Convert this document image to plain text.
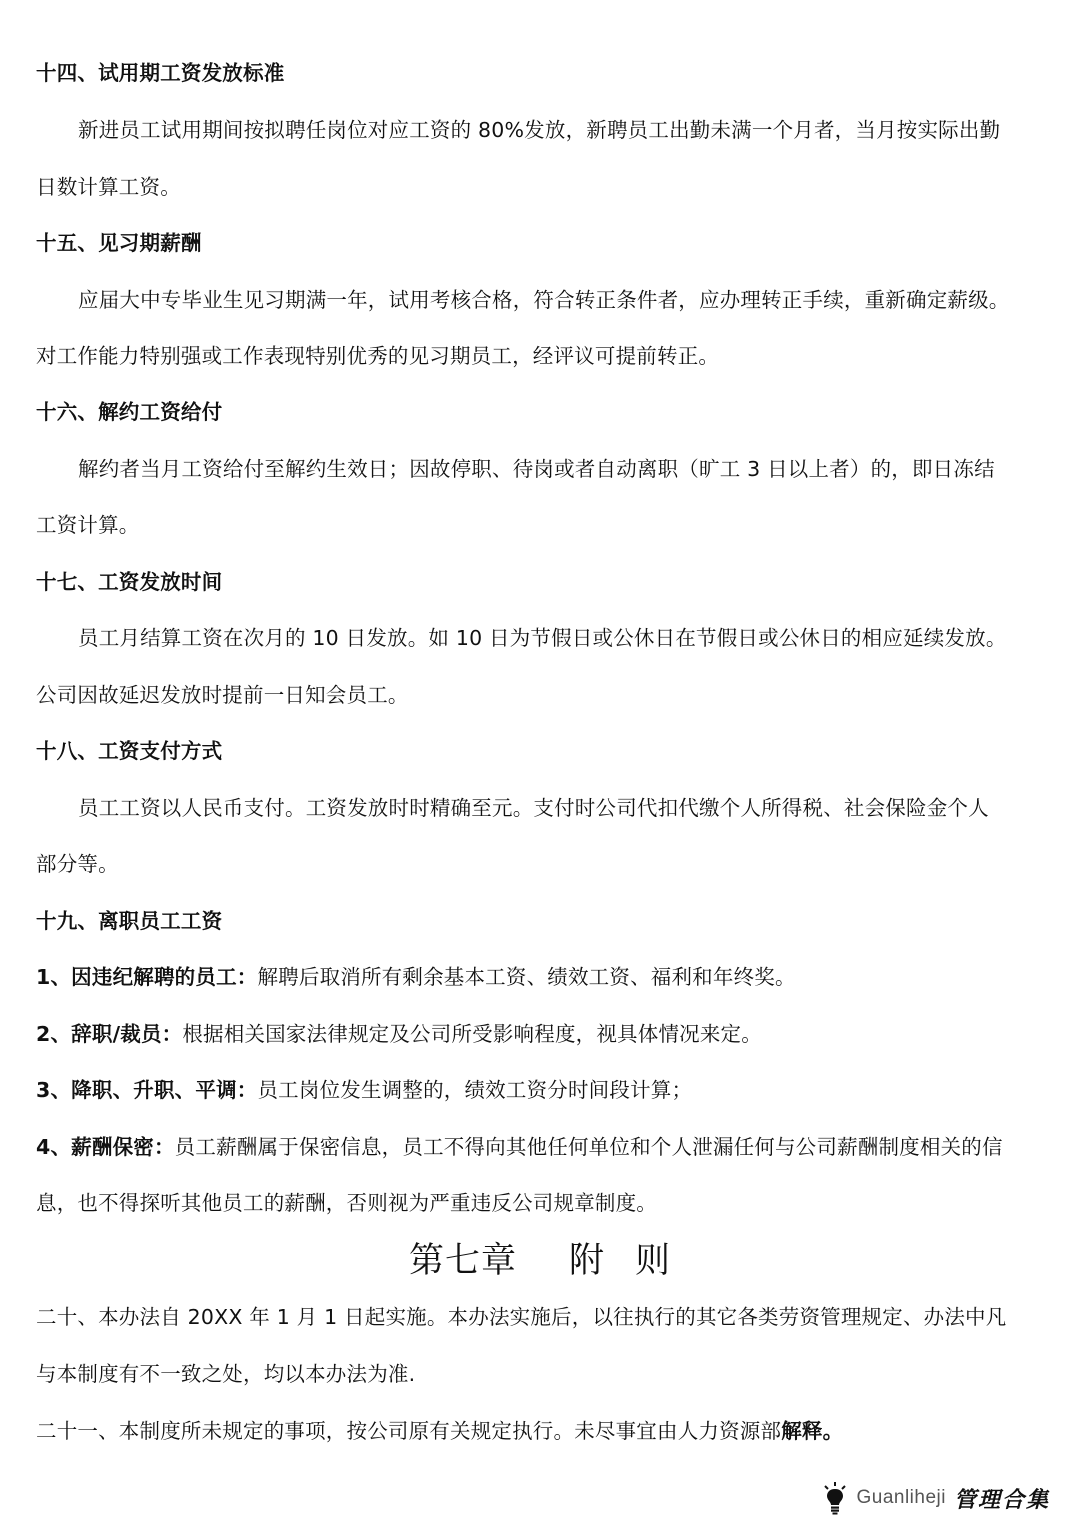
十四、试用期工资发放标准
新进员工试用期间按拟聘任岗位对应工资的 80%发放，新聘员工出勤未满一个月者，当月按实际出勤
日数计算工资。
十五、见习期薪酬
应届大中专毕业生见习期满一年，试用考核合格，符合转正条件者，应办理转正手续，重新确定薪级。
对工作能力特别强或工作表现特别优秀的见习期员工，经评议可提前转正。
十六、解约工资给付
解约者当月工资给付至解约生效日；因故停职、待岗或者自动离职（旷工 3 日以上者）的，即日冻结
工资计算。
十七、工资发放时间
员工月结算工资在次月的 10 日发放。如 10 日为节假日或公休日在节假日或公休日的相应延续发放。
公司因故延迟发放时提前一日知会员工。
十八、工资支付方式
员工工资以人民币支付。工资发放时时精确至元。支付时公司代扣代缴个人所得税、社会保险金个人
部分等。
十九、离职员工工资
1、因违纪解聘的员工：解聘后取消所有剩余基本工资、绩效工资、福利和年终奖。
2、辞职/裁员：根据相关国家法律规定及公司所受影响程度，视具体情况来定。
3、降职、升职、平调：员工岗位发生调整的，绩效工资分时间段计算；
4、薪酬保密：员工薪酬属于保密信息，员工不得向其他任何单位和个人泄漏任何与公司薪酬制度相关的信
息，也不得探听其他员工的薪酬，否则视为严重违反公司规章制度。
第七章 附 则
二十、本办法自 20XX 年 1 月 1 日起实施。本办法实施后，以往执行的其它各类劳资管理规定、办法中凡
与本制度有不一致之处，均以本办法为准.
二十一、本制度所未规定的事项，按公司原有关规定执行。未尽事宜由人力资源部解释。
Guanliheji 管理合集
